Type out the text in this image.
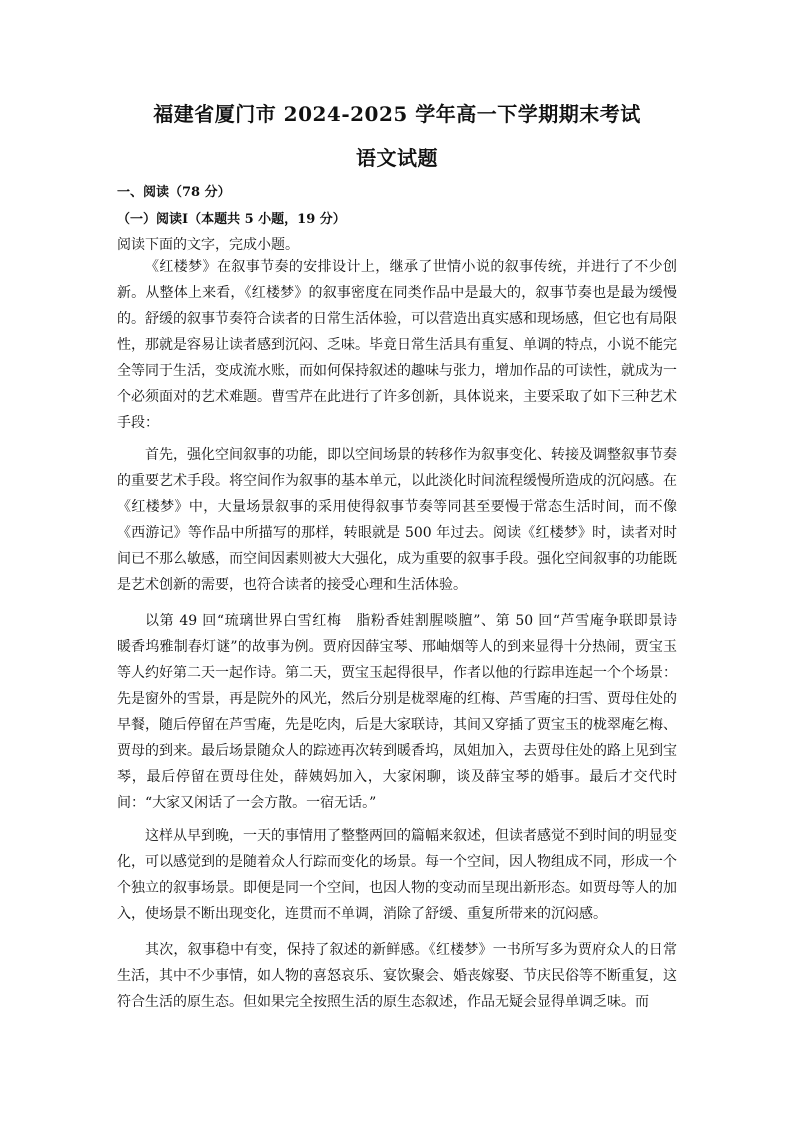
福建省厦门市 2024-2025 学年高一下学期期末考试
语文试题
一、阅读（78 分）
（一）阅读Ⅰ（本题共 5 小题，19 分）
阅读下面的文字，完成小题。

《红楼梦》在叙事节奏的安排设计上，继承了世情小说的叙事传统，并进行了不少创新。从整体上来看，《红楼梦》的叙事密度在同类作品中是最大的，叙事节奏也是最为缓慢的。舒缓的叙事节奏符合读者的日常生活体验，可以营造出真实感和现场感，但它也有局限性，那就是容易让读者感到沉闷、乏味。毕竟日常生活具有重复、单调的特点，小说不能完全等同于生活，变成流水账，而如何保持叙述的趣味与张力，增加作品的可读性，就成为一个必须面对的艺术难题。曹雪芹在此进行了许多创新，具体说来，主要采取了如下三种艺术手段：

首先，强化空间叙事的功能，即以空间场景的转移作为叙事变化、转接及调整叙事节奏的重要艺术手段。将空间作为叙事的基本单元，以此淡化时间流程缓慢所造成的沉闷感。在《红楼梦》中，大量场景叙事的采用使得叙事节奏等同甚至要慢于常态生活时间，而不像《西游记》等作品中所描写的那样，转眼就是 500 年过去。阅读《红楼梦》时，读者对时间已不那么敏感，而空间因素则被大大强化，成为重要的叙事手段。强化空间叙事的功能既是艺术创新的需要，也符合读者的接受心理和生活体验。

以第 49 回“琉璃世界白雪红梅　脂粉香娃割腥啖膻”、第 50 回“芦雪庵争联即景诗　暖香坞雅制春灯谜”的故事为例。贾府因薛宝琴、邢岫烟等人的到来显得十分热闹，贾宝玉等人约好第二天一起作诗。第二天，贾宝玉起得很早，作者以他的行踪串连起一个个场景：先是窗外的雪景，再是院外的风光，然后分别是栊翠庵的红梅、芦雪庵的扫雪、贾母住处的早餐，随后停留在芦雪庵，先是吃肉，后是大家联诗，其间又穿插了贾宝玉的栊翠庵乞梅、贾母的到来。最后场景随众人的踪迹再次转到暖香坞，凤姐加入，去贾母住处的路上见到宝琴，最后停留在贾母住处，薛姨妈加入，大家闲聊，谈及薛宝琴的婚事。最后才交代时间：“大家又闲话了一会方散。一宿无话。”

这样从早到晚，一天的事情用了整整两回的篇幅来叙述，但读者感觉不到时间的明显变化，可以感觉到的是随着众人行踪而变化的场景。每一个空间，因人物组成不同，形成一个个独立的叙事场景。即便是同一个空间，也因人物的变动而呈现出新形态。如贾母等人的加入，使场景不断出现变化，连贯而不单调，消除了舒缓、重复所带来的沉闷感。

其次，叙事稳中有变，保持了叙述的新鲜感。《红楼梦》一书所写多为贾府众人的日常生活，其中不少事情，如人物的喜怒哀乐、宴饮聚会、婚丧嫁娶、节庆民俗等不断重复，这符合生活的原生态。但如果完全按照生活的原生态叙述，作品无疑会显得单调乏味。而
